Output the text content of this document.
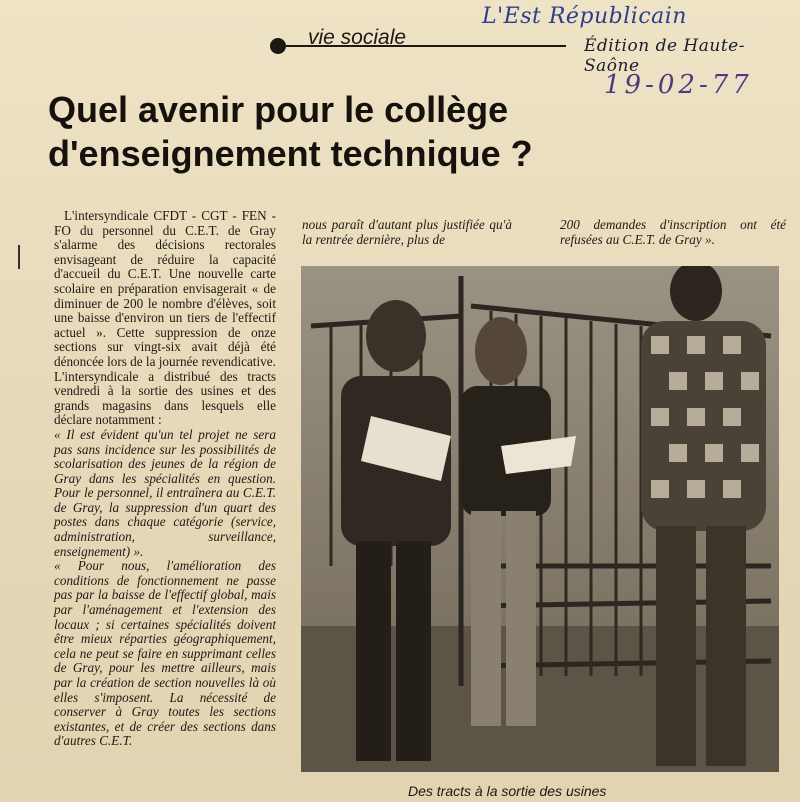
L'Est Républicain
Édition de Haute-Saône
19-02-77
vie sociale
Quel avenir pour le collège
d'enseignement technique ?

L'intersyndicale CFDT - CGT - FEN - FO du personnel du C.E.T. de Gray s'alarme des décisions rectorales envisageant de réduire la capacité d'accueil du C.E.T. Une nouvelle carte scolaire en préparation envisagerait « de diminuer de 200 le nombre d'élèves, soit une baisse d'environ un tiers de l'effectif actuel ». Cette suppression de onze sections sur vingt-six avait déjà été dénoncée lors de la journée revendicative.

L'intersyndicale a distribué des tracts vendredi à la sortie des usines et des grands magasins dans lesquels elle déclare notamment :

« Il est évident qu'un tel projet ne sera pas sans incidence sur les possibilités de scolarisation des jeunes de la région de Gray dans les spécialités en question. Pour le personnel, il entraînera au C.E.T. de Gray, la suppression d'un quart des postes dans chaque catégorie (service, administration, surveillance, enseignement) ».

« Pour nous, l'amélioration des conditions de fonctionnement ne passe pas par la baisse de l'effectif global, mais par l'aménagement et l'extension des locaux ; si certaines spécialités doivent être mieux réparties géographiquement, cela ne peut se faire en supprimant celles de Gray, pour les mettre ailleurs, mais par la création de section nouvelles là où elles s'imposent. La nécessité de conserver à Gray toutes les sections existantes, et de créer des sections dans d'autres C.E.T.

nous paraît d'autant plus justifiée qu'à la rentrée dernière, plus de

200 demandes d'inscription ont été refusées au C.E.T. de Gray ».

Des tracts à la sortie des usines
